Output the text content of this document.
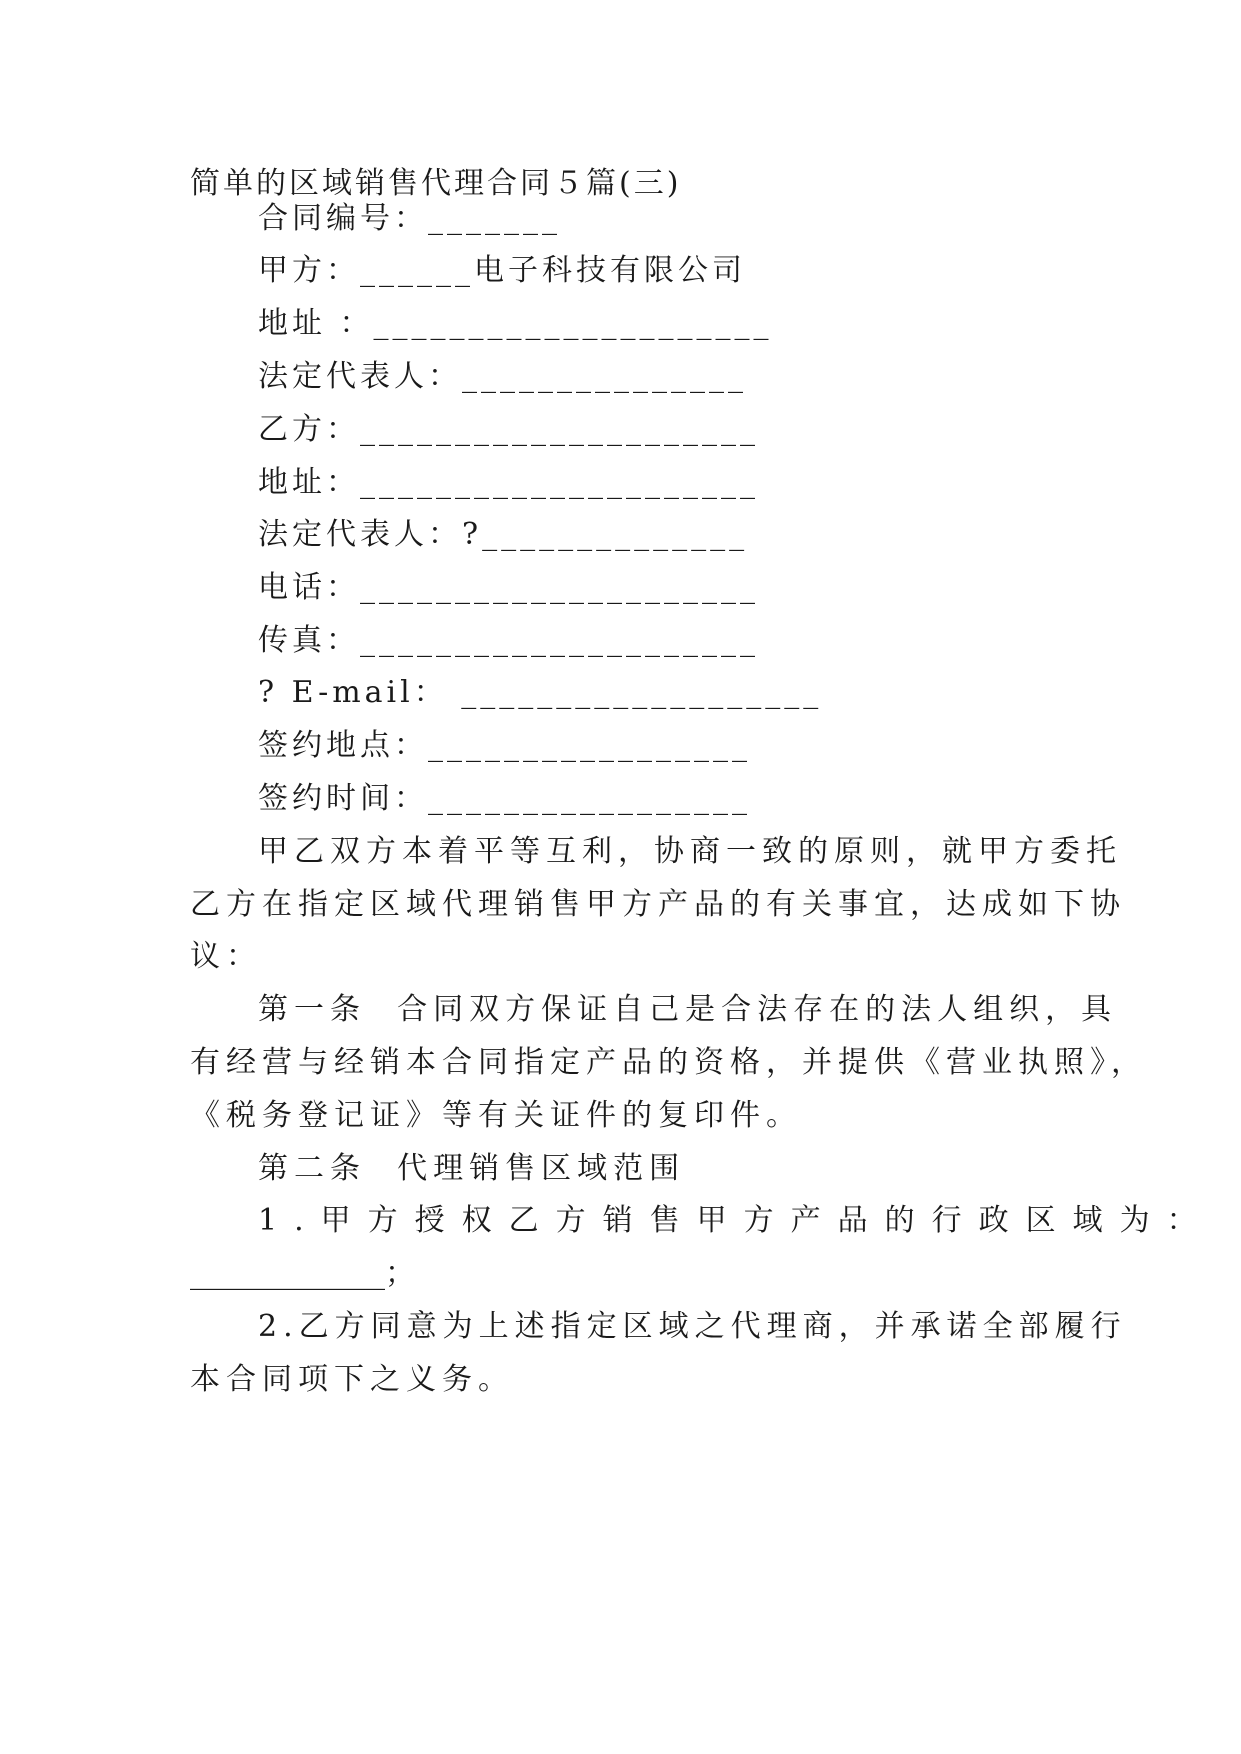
简单的区域销售代理合同５篇(三)
合同编号：_______
甲方：______电子科技有限公司
地址 ：_____________________
法定代表人：_______________
乙方：_____________________
地址：_____________________
法定代表人：?______________
电话：_____________________
传真：_____________________
? E-mail： ___________________
签约地点：_________________
签约时间：_________________
甲乙双方本着平等互利，协商一致的原则，就甲方委托
乙方在指定区域代理销售甲方产品的有关事宜，达成如下协
议：
第一条  合同双方保证自己是合法存在的法人组织，具
有经营与经销本合同指定产品的资格，并提供《营业执照》，
《税务登记证》等有关证件的复印件。
第二条  代理销售区域范围
1.甲方授权乙方销售甲方产品的行政区域为：
_____________；
2.乙方同意为上述指定区域之代理商，并承诺全部履行
本合同项下之义务。
